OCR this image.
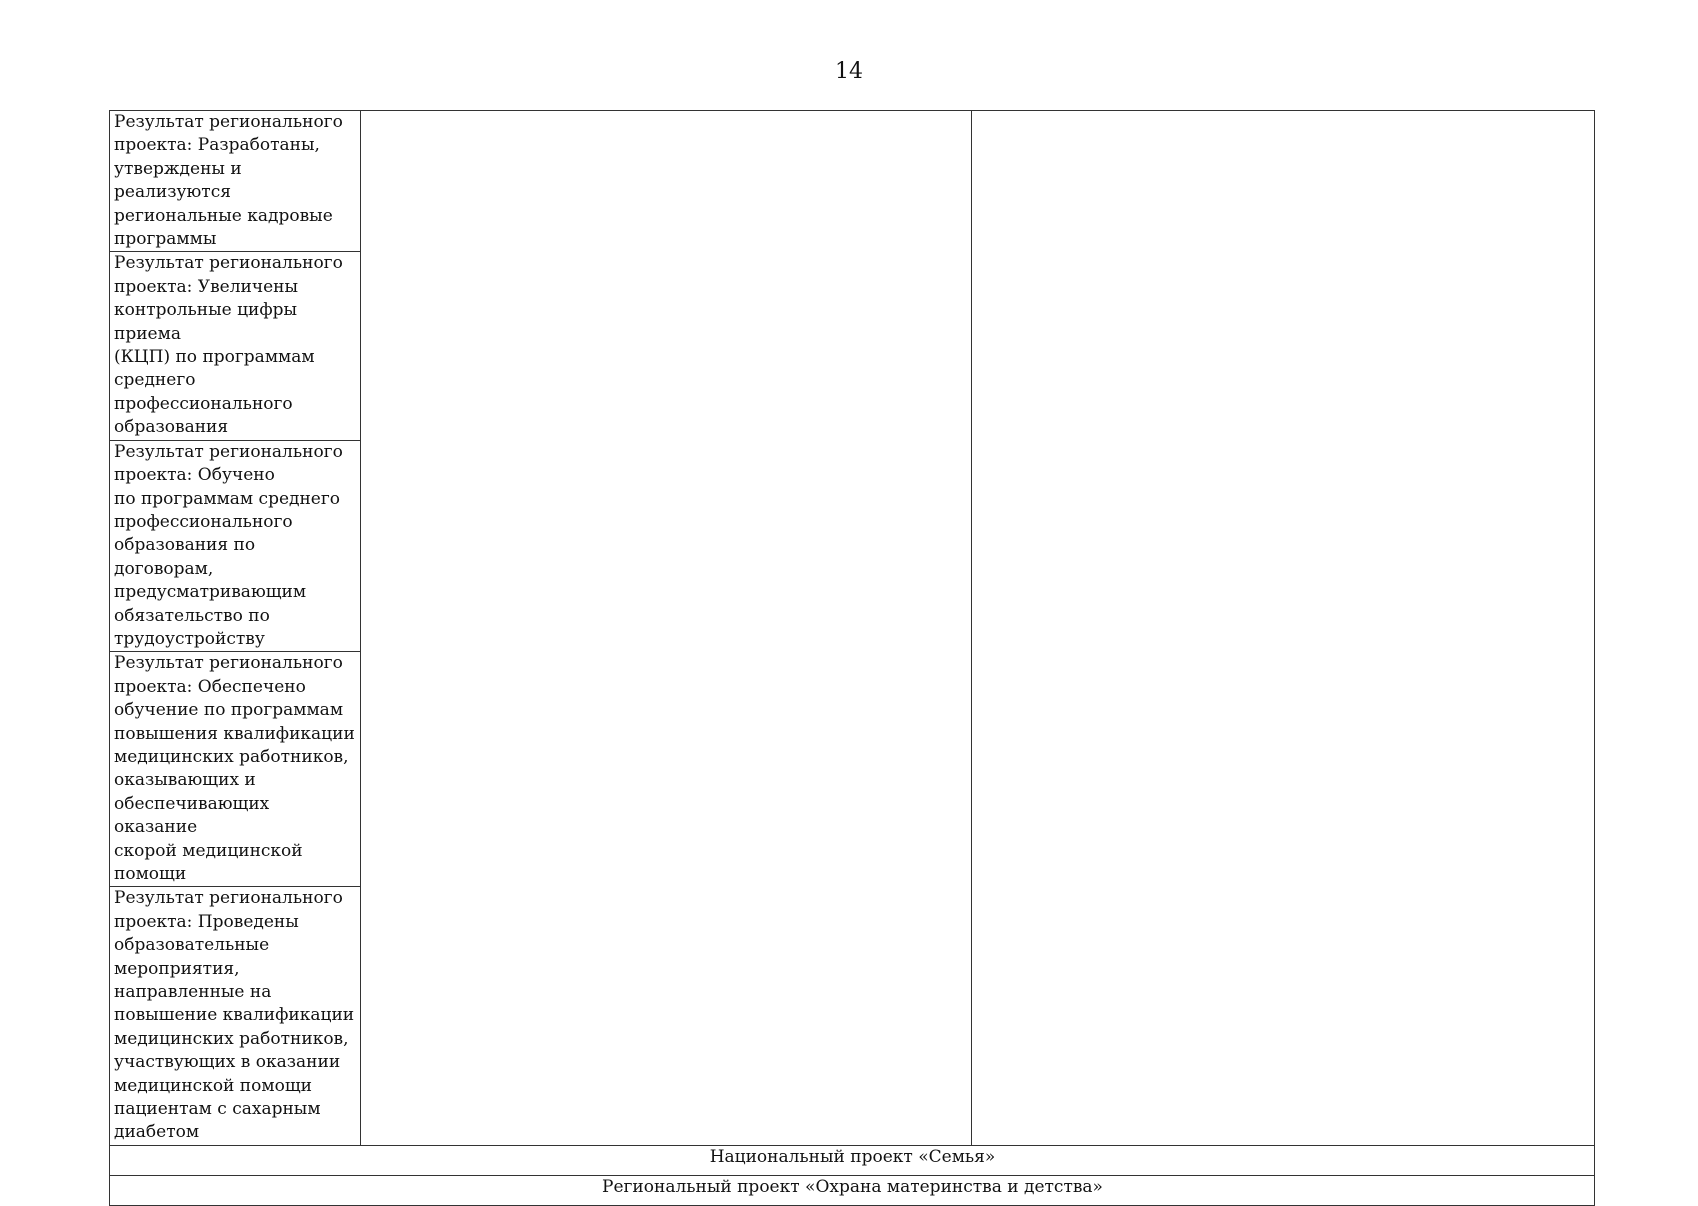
14
Результат регионального
проекта: Разработаны,
утверждены и реализуются
региональные кадровые
программы		
Результат регионального
проекта: Увеличены
контрольные цифры приема
(КЦП) по программам
среднего
профессионального
образования
Результат регионального
проекта: Обучено
по программам среднего
профессионального
образования по договорам,
предусматривающим
обязательство по
трудоустройству
Результат регионального
проекта: Обеспечено
обучение по программам
повышения квалификации
медицинских работников,
оказывающих и
обеспечивающих оказание
скорой медицинской
помощи
Результат регионального
проекта: Проведены
образовательные
мероприятия,
направленные на
повышение квалификации
медицинских работников,
участвующих в оказании
медицинской помощи
пациентам с сахарным
диабетом
Национальный проект «Семья»
Региональный проект «Охрана материнства и детства»
